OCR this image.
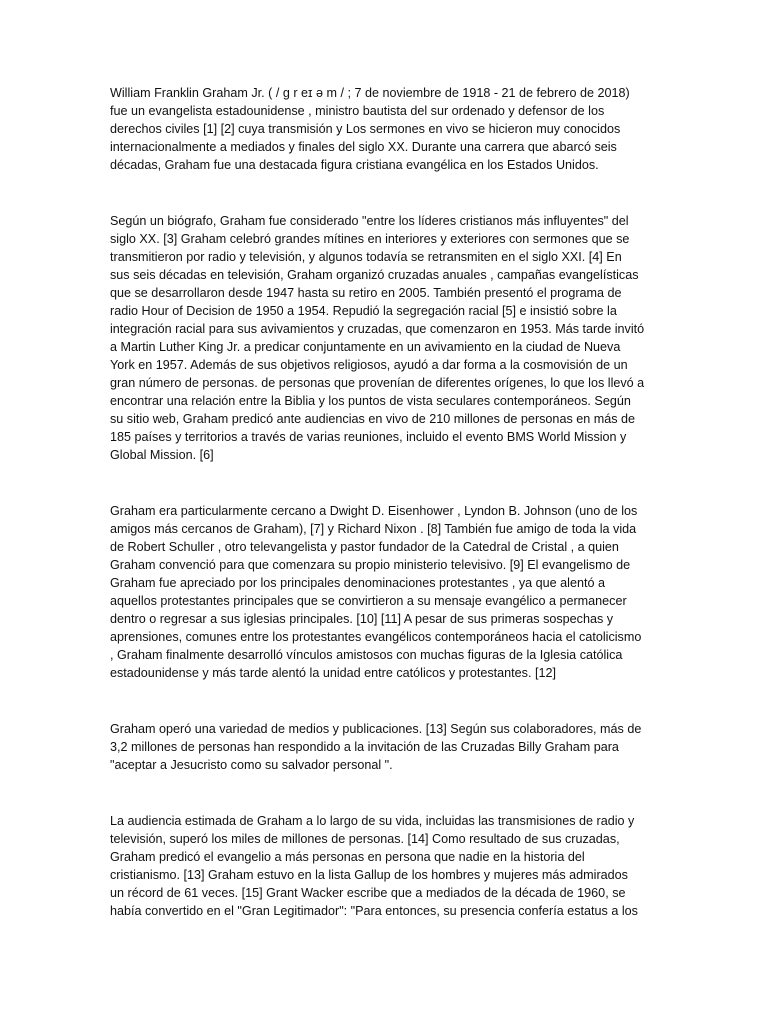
William Franklin Graham Jr. ( / g r eɪ ə m / ; 7 de noviembre de 1918 - 21 de febrero de 2018)
fue un evangelista estadounidense , ministro bautista del sur ordenado y defensor de los
derechos civiles [1] [2] cuya transmisión y Los sermones en vivo se hicieron muy conocidos
internacionalmente a mediados y finales del siglo XX. Durante una carrera que abarcó seis
décadas, Graham fue una destacada figura cristiana evangélica en los Estados Unidos.
Según un biógrafo, Graham fue considerado "entre los líderes cristianos más influyentes" del
siglo XX. [3] Graham celebró grandes mítines en interiores y exteriores con sermones que se
transmitieron por radio y televisión, y algunos todavía se retransmiten en el siglo XXI. [4] En
sus seis décadas en televisión, Graham organizó cruzadas anuales , campañas evangelísticas
que se desarrollaron desde 1947 hasta su retiro en 2005. También presentó el programa de
radio Hour of Decision de 1950 a 1954. Repudió la segregación racial [5] e insistió sobre la
integración racial para sus avivamientos y cruzadas, que comenzaron en 1953. Más tarde invitó
a Martin Luther King Jr. a predicar conjuntamente en un avivamiento en la ciudad de Nueva
York en 1957. Además de sus objetivos religiosos, ayudó a dar forma a la cosmovisión de un
gran número de personas. de personas que provenían de diferentes orígenes, lo que los llevó a
encontrar una relación entre la Biblia y los puntos de vista seculares contemporáneos. Según
su sitio web, Graham predicó ante audiencias en vivo de 210 millones de personas en más de
185 países y territorios a través de varias reuniones, incluido el evento BMS World Mission y
Global Mission. [6]
Graham era particularmente cercano a Dwight D. Eisenhower , Lyndon B. Johnson (uno de los
amigos más cercanos de Graham), [7] y Richard Nixon . [8] También fue amigo de toda la vida
de Robert Schuller , otro televangelista y pastor fundador de la Catedral de Cristal , a quien
Graham convenció para que comenzara su propio ministerio televisivo. [9] El evangelismo de
Graham fue apreciado por los principales denominaciones protestantes , ya que alentó a
aquellos protestantes principales que se convirtieron a su mensaje evangélico a permanecer
dentro o regresar a sus iglesias principales. [10] [11] A pesar de sus primeras sospechas y
aprensiones, comunes entre los protestantes evangélicos contemporáneos hacia el catolicismo
, Graham finalmente desarrolló vínculos amistosos con muchas figuras de la Iglesia católica
estadounidense y más tarde alentó la unidad entre católicos y protestantes. [12]
Graham operó una variedad de medios y publicaciones. [13] Según sus colaboradores, más de
3,2 millones de personas han respondido a la invitación de las Cruzadas Billy Graham para
"aceptar a Jesucristo como su salvador personal ".
La audiencia estimada de Graham a lo largo de su vida, incluidas las transmisiones de radio y
televisión, superó los miles de millones de personas. [14] Como resultado de sus cruzadas,
Graham predicó el evangelio a más personas en persona que nadie en la historia del
cristianismo. [13] Graham estuvo en la lista Gallup de los hombres y mujeres más admirados
un récord de 61 veces. [15] Grant Wacker escribe que a mediados de la década de 1960, se
había convertido en el "Gran Legitimador": "Para entonces, su presencia confería estatus a los
